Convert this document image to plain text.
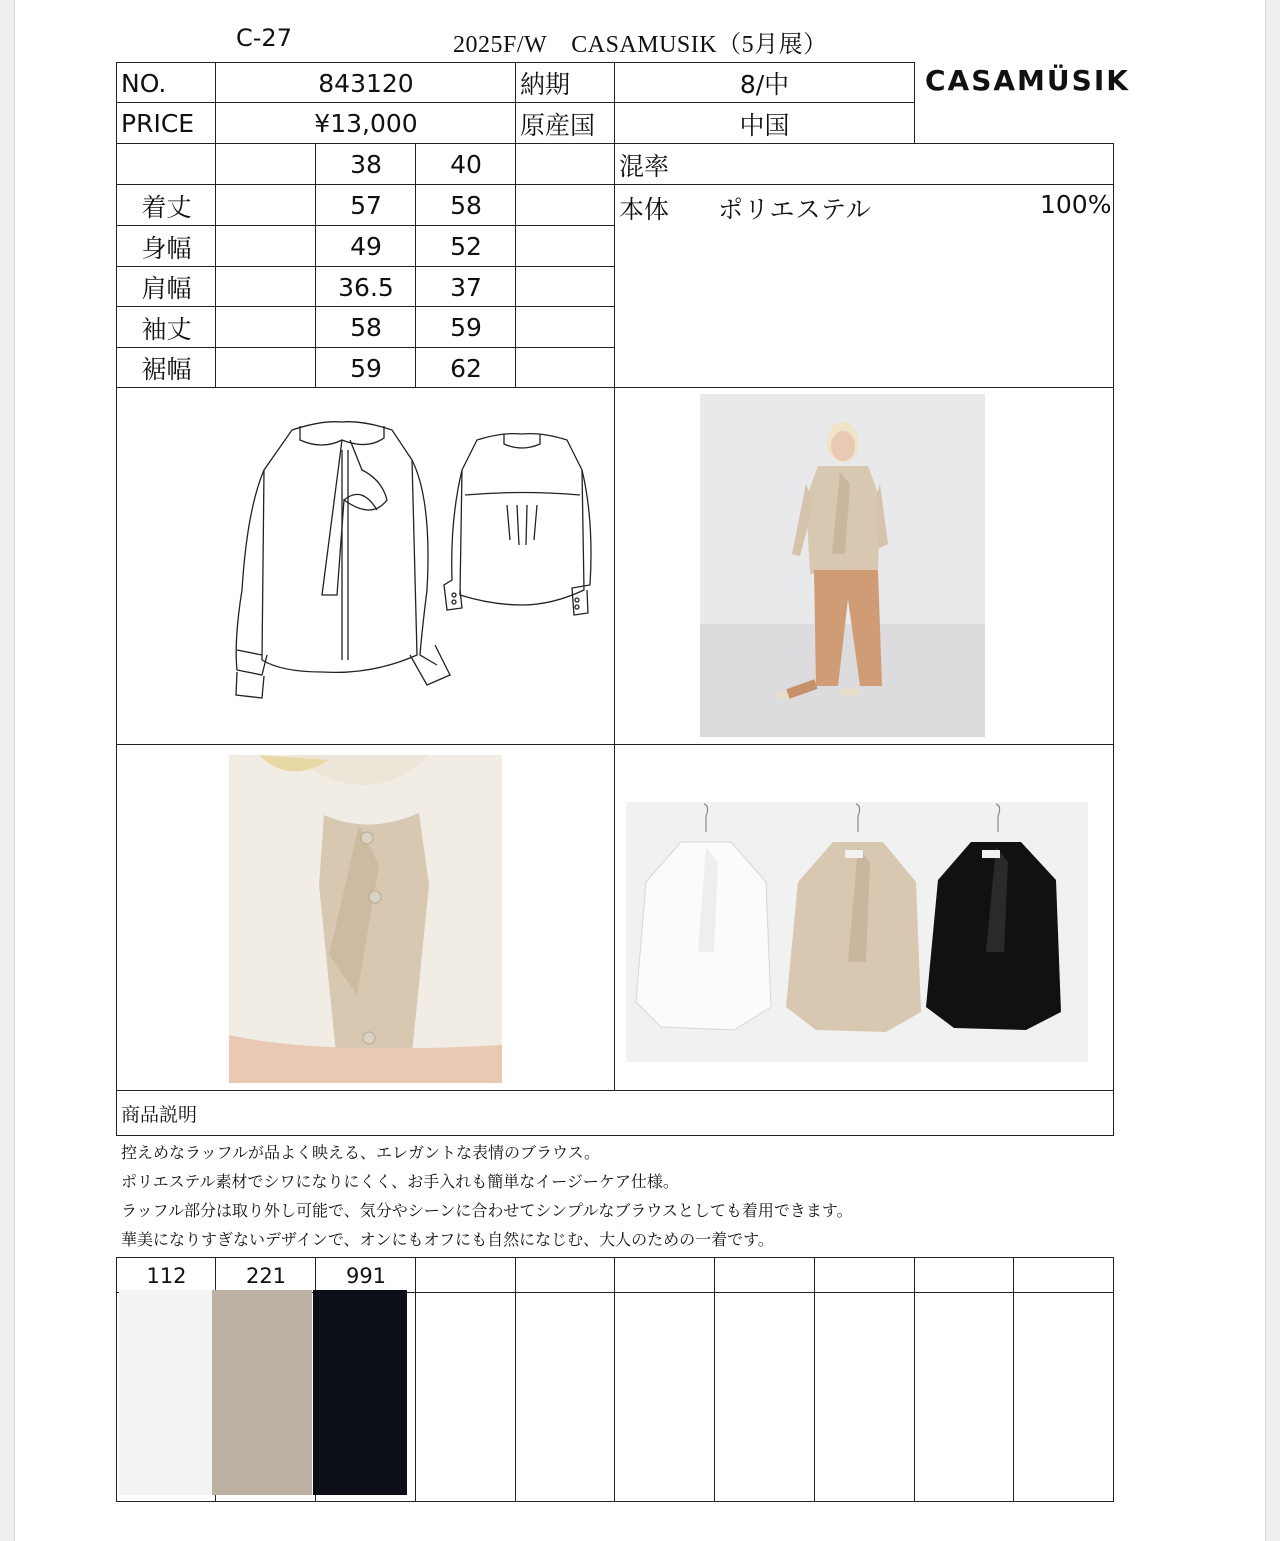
C-27	2025F/W　CASAMUSIK（5月展）
CASAMÜSIK
NO.	843120	納期	8/中
PRICE	¥13,000	原産国	中国
38	40
着丈	57	58
身幅	49	52
肩幅	36.5	37
袖丈	58	59
裾幅	59	62
混率
本体 ポリエステル	100%
商品説明
控えめなラッフルが品よく映える、エレガントな表情のブラウス。
ポリエステル素材でシワになりにくく、お手入れも簡単なイージーケア仕様。
ラッフル部分は取り外し可能で、気分やシーンに合わせてシンプルなブラウスとしても着用できます。
華美になりすぎないデザインで、オンにもオフにも自然になじむ、大人のための一着です。
112	221	991
